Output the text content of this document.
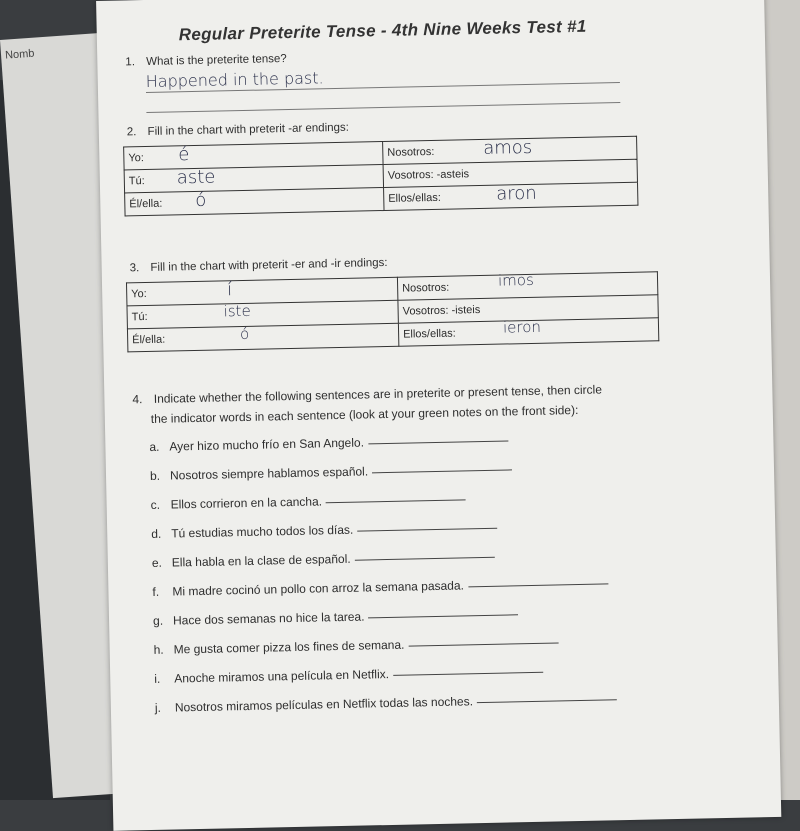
Nomb
Regular Preterite Tense - 4th Nine Weeks Test #1
1. What is the preterite tense?
Happened in the past.
2. Fill in the chart with preterit -ar endings:
Yo: é	Nosotros: amos

Tú: aste	Vosotros: -asteis
Él/ella: ó	Ellos/ellas: aron
3. Fill in the chart with preterit -er and -ir endings:
Yo: í	Nosotros: imos

Tú: iste	Vosotros: -isteis
Él/ella: ó	Ellos/ellas: ieron
4. Indicate whether the following sentences are in preterite or present tense, then circle
the indicator words in each sentence (look at your green notes on the front side):
a. Ayer hizo mucho frío en San Angelo.
b. Nosotros siempre hablamos español.
c. Ellos corrieron en la cancha.
d. Tú estudias mucho todos los días.
e. Ella habla en la clase de español.
f. Mi madre cocinó un pollo con arroz la semana pasada.
g. Hace dos semanas no hice la tarea.
h. Me gusta comer pizza los fines de semana.
i. Anoche miramos una película en Netflix.
j. Nosotros miramos películas en Netflix todas las noches.
